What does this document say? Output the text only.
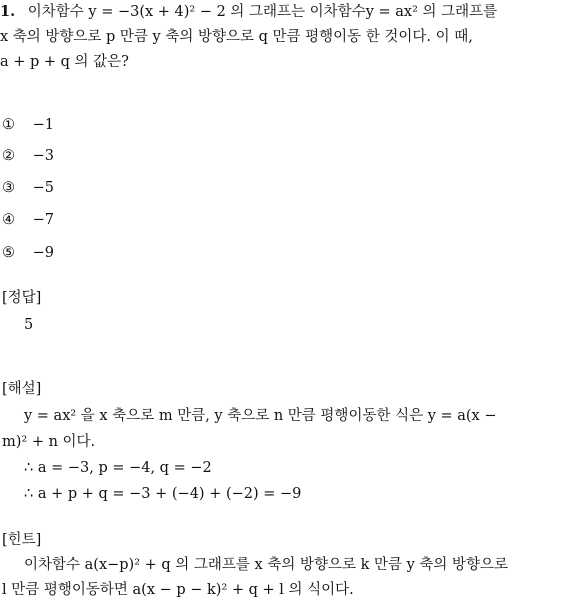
1. 이차함수 y = −3(x + 4)² − 2 의 그래프는 이차함수y = ax² 의 그래프를
x 축의 방향으로 p 만큼 y 축의 방향으로 q 만큼 평행이동 한 것이다. 이 때,
a + p + q 의 값은?
① −1
② −3
③ −5
④ −7
⑤ −9
[정답]
5
[해설]
y = ax² 을 x 축으로 m 만큼, y 축으로 n 만큼 평행이동한 식은 y = a(x −
m)² + n 이다.
∴ a = −3, p = −4, q = −2
∴ a + p + q = −3 + (−4) + (−2) = −9
[힌트]
이차함수 a(x−p)² + q 의 그래프를 x 축의 방향으로 k 만큼 y 축의 방향으로
l 만큼 평행이동하면 a(x − p − k)² + q + l 의 식이다.
